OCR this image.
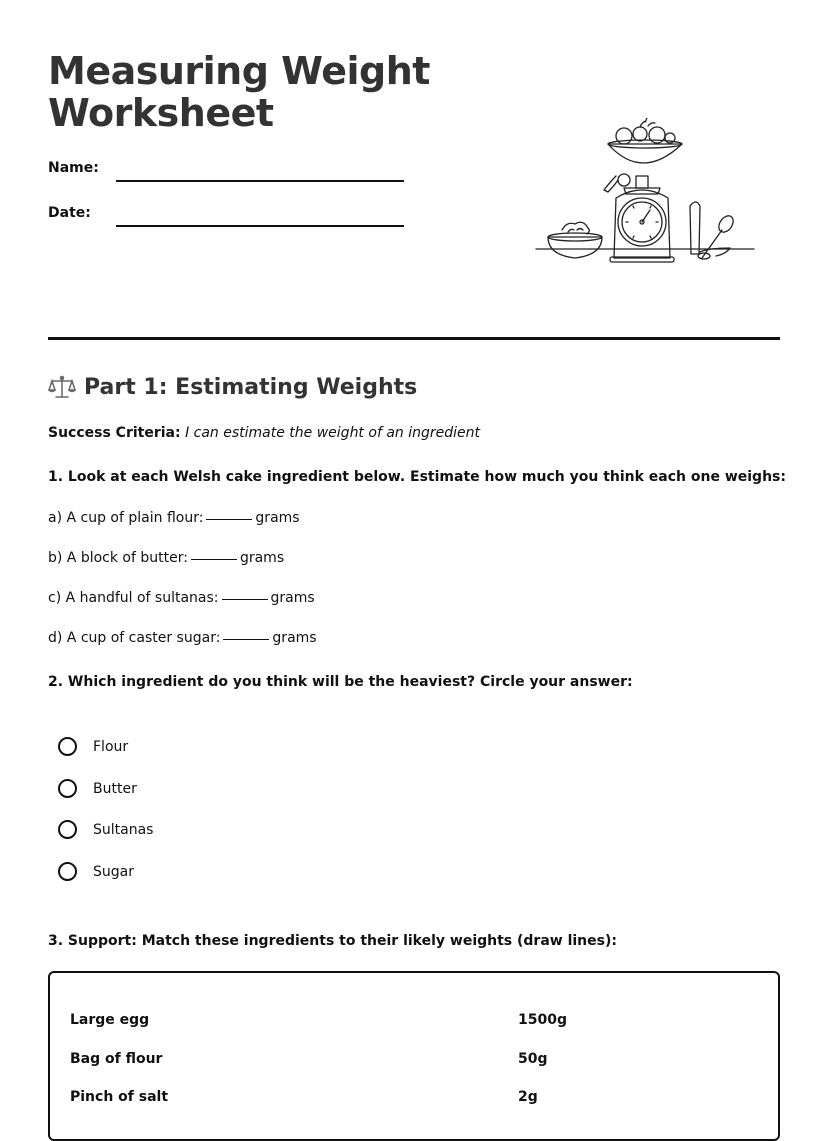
Measuring Weight
Worksheet
Name:
Date:
Part 1: Estimating Weights
Success Criteria: I can estimate the weight of an ingredient
1. Look at each Welsh cake ingredient below. Estimate how much you think each one weighs:
a) A cup of plain flour:	grams
b) A block of butter:	grams
c) A handful of sultanas:	grams
d) A cup of caster sugar:	grams
2. Which ingredient do you think will be the heaviest? Circle your answer:
Flour
Butter
Sultanas
Sugar
3. Support: Match these ingredients to their likely weights (draw lines):
Large egg	1500g
Bag of flour	50g
Pinch of salt	2g
